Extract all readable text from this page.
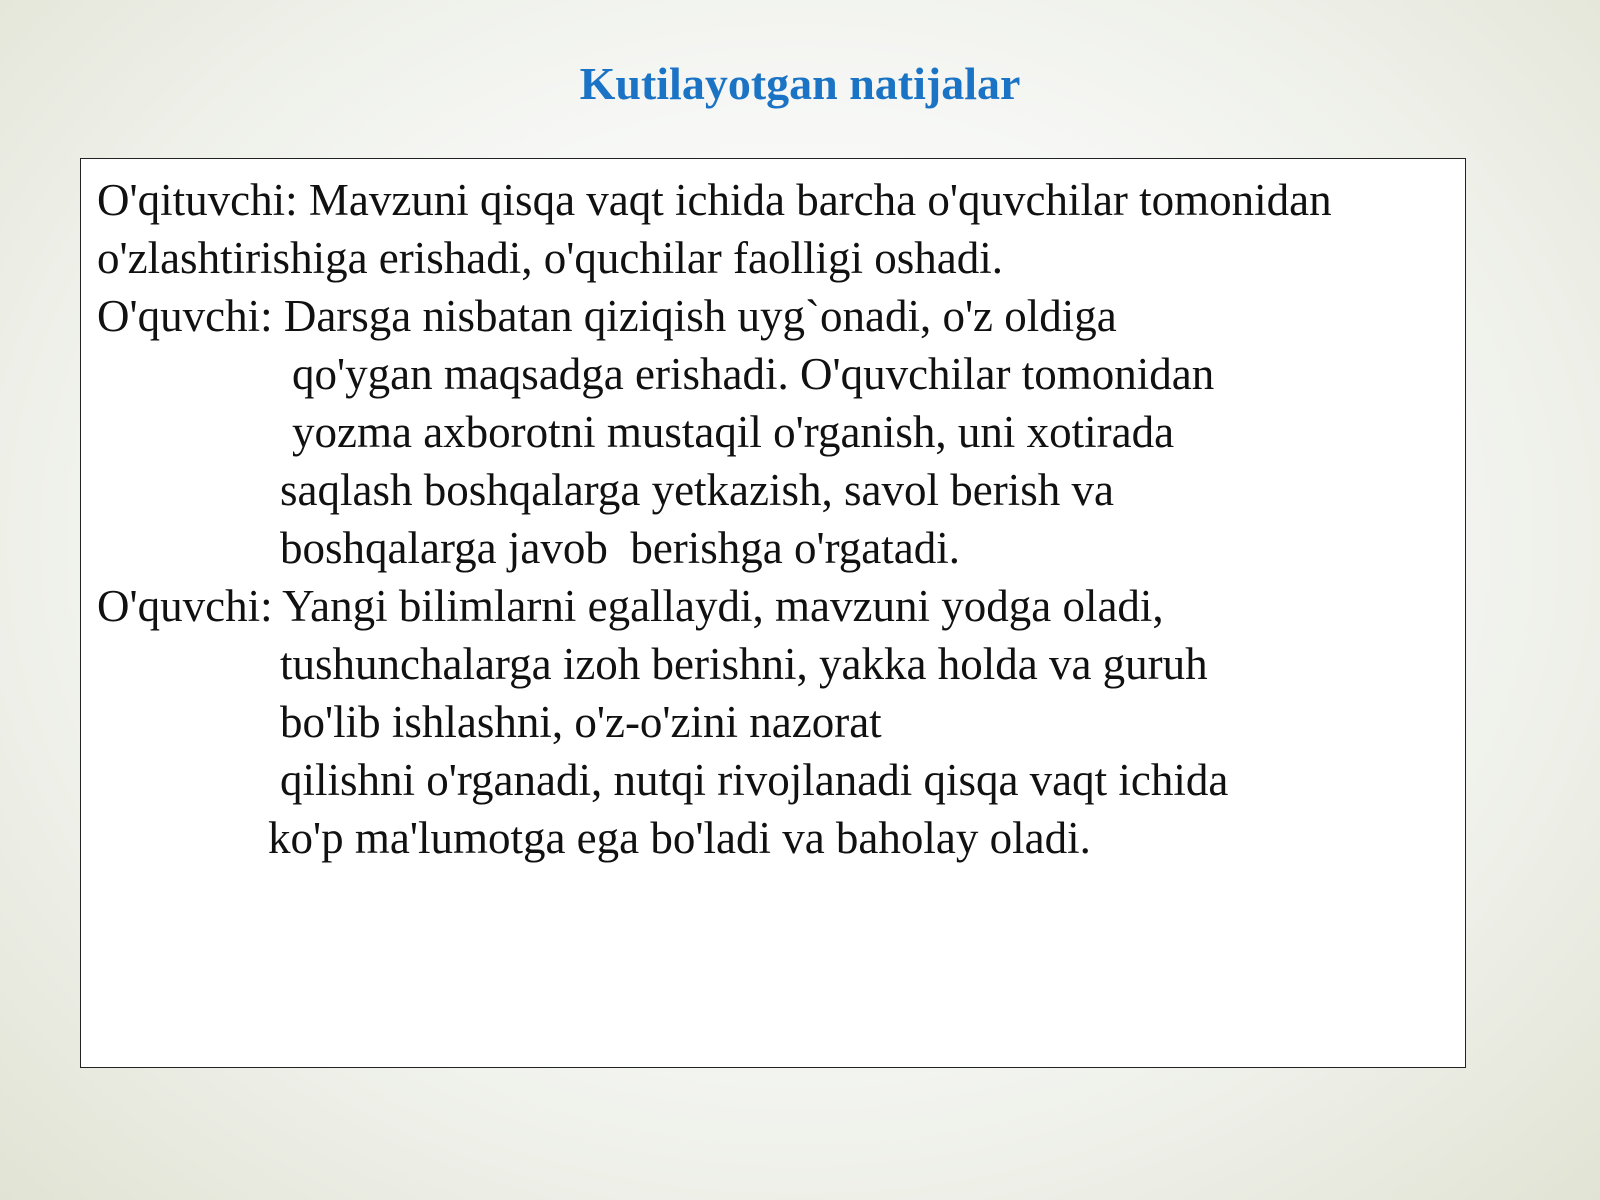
Kutilayotgan natijalar
O'qituvchi: Mavzuni qisqa vaqt ichida barcha o'quvchilar tomonidan
o'zlashtirishiga erishadi, o'quchilar faolligi oshadi.
O'quvchi: Darsga nisbatan qiziqish uyg`onadi, o'z oldiga
qo'ygan maqsadga erishadi. O'quvchilar tomonidan
yozma axborotni mustaqil o'rganish, uni xotirada
saqlash boshqalarga yetkazish, savol berish va
boshqalarga javob  berishga o'rgatadi.
O'quvchi: Yangi bilimlarni egallaydi, mavzuni yodga oladi,
tushunchalarga izoh berishni, yakka holda va guruh
bo'lib ishlashni, o'z-o'zini nazorat
qilishni o'rganadi, nutqi rivojlanadi qisqa vaqt ichida
ko'p ma'lumotga ega bo'ladi va baholay oladi.
